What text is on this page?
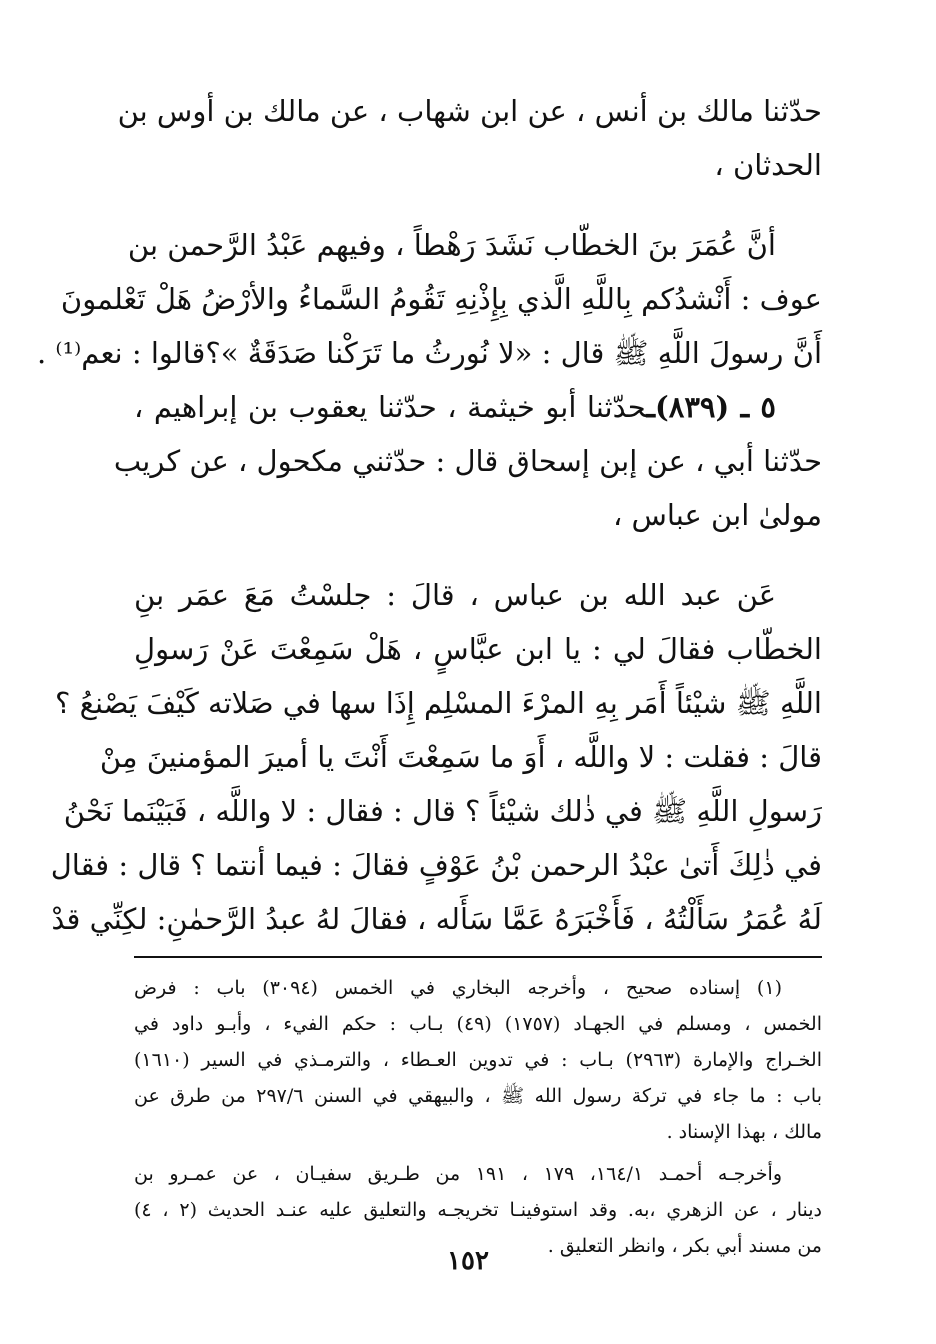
حدّثنا مالك بن أنس ، عن ابن شهاب ، عن مالك بن أوس بن
الحدثان ،
أنَّ عُمَرَ بنَ الخطّاب نَشَدَ رَهْطاً ، وفيهم عَبْدُ الرَّحمن بن
عوف : أَنْشدُكم بِاللَّهِ الَّذي بِإِذْنِهِ تَقُومُ السَّماءُ والأرْضُ هَلْ تَعْلمونَ
أَنَّ رسولَ اللَّهِ ﷺ قال : «لا نُورثُ ما تَرَكْنا صَدَقَةٌ »؟قالوا : نعم⁽¹⁾ .
٥ ـ (٨٣٩)ـحدّثنا أبو خيثمة ، حدّثنا يعقوب بن إبراهيم ،
حدّثنا أبي ، عن إبن إسحاق قال : حدّثني مكحول ، عن كريب
مولىٰ ابن عباس ،
عَن عبد الله بن عباس ، قالَ : جلسْتُ مَعَ عمَر بنِ
الخطّاب فقالَ لي : يا ابن عبَّاسٍ ، هَلْ سَمِعْتَ عَنْ رَسولِ
اللَّهِ ﷺ شيْئاً أَمَر بِهِ المرْءَ المسْلِم إِذَا سها في صَلاته كَيْفَ يَصْنعُ ؟
قالَ : فقلت : لا واللَّه ، أَوَ ما سَمِعْتَ أَنْتَ يا أميرَ المؤمنينَ مِنْ
رَسولِ اللَّهِ ﷺ في ذٰلك شيْئاً ؟ قال : فقال : لا واللَّه ، فَبَيْنَما نَحْنُ
في ذٰلِكَ أَتىٰ عبْدُ الرحمن بْنُ عَوْفٍ فقالَ : فيما أنتما ؟ قال : فقال
لَهُ عُمَرُ سَأَلْتُهُ ، فَأَخْبَرَهُ عَمَّا سَأَله ، فقالَ لهُ عبدُ الرَّحمٰنِ: لكِنِّي قدْ
(١) إسناده صحيح ، وأخرجه البخاري في الخمس (٣٠٩٤) باب : فرض
الخمس ، ومسلم في الجهـاد (١٧٥٧) (٤٩) بـاب : حكم الفيء ، وأبـو داود في
الخـراج والإمارة (٢٩٦٣) بـاب : في تدوين العـطاء ، والترمـذي في السير (١٦١٠)
باب : ما جاء في تركة رسول الله ﷺ ، والبيهقي في السنن ٢٩٧/٦ من طرق عن
مالك ، بهذا الإسناد .
وأخرجـه أحمـد ١٦٤/١، ١٧٩ ، ١٩١ من طـريق سفيـان ، عن عمـرو بن
دينار ، عن الزهري ،به. وقد استوفينـا تخريجـه والتعليق عليه عنـد الحديث (٢ ، ٤)
من مسند أبي بكر ، وانظر التعليق .
١٥٢
